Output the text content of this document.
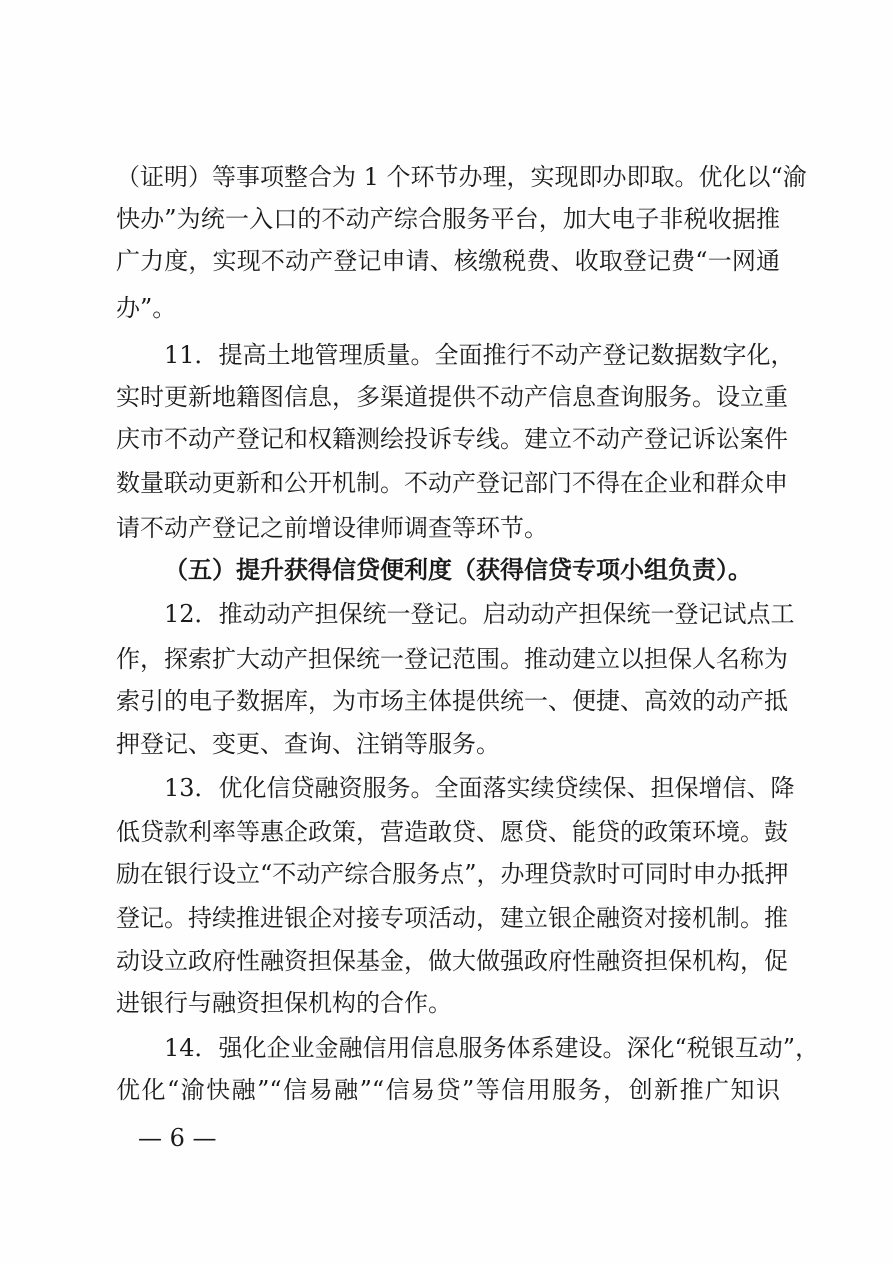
（证明）等事项整合为 1 个环节办理，实现即办即取。优化以“渝
快办”为统一入口的不动产综合服务平台，加大电子非税收据推
广力度，实现不动产登记申请、核缴税费、收取登记费“一网通
办”。
11．提高土地管理质量。全面推行不动产登记数据数字化，
实时更新地籍图信息，多渠道提供不动产信息查询服务。设立重
庆市不动产登记和权籍测绘投诉专线。建立不动产登记诉讼案件
数量联动更新和公开机制。不动产登记部门不得在企业和群众申
请不动产登记之前增设律师调查等环节。
（五）提升获得信贷便利度（获得信贷专项小组负责）。
12．推动动产担保统一登记。启动动产担保统一登记试点工
作，探索扩大动产担保统一登记范围。推动建立以担保人名称为
索引的电子数据库，为市场主体提供统一、便捷、高效的动产抵
押登记、变更、查询、注销等服务。
13．优化信贷融资服务。全面落实续贷续保、担保增信、降
低贷款利率等惠企政策，营造敢贷、愿贷、能贷的政策环境。鼓
励在银行设立“不动产综合服务点”，办理贷款时可同时申办抵押
登记。持续推进银企对接专项活动，建立银企融资对接机制。推
动设立政府性融资担保基金，做大做强政府性融资担保机构，促
进银行与融资担保机构的合作。
14．强化企业金融信用信息服务体系建设。深化“税银互动”，
优化“渝快融”“信易融”“信易贷”等信用服务，创新推广知识
— 6 —
